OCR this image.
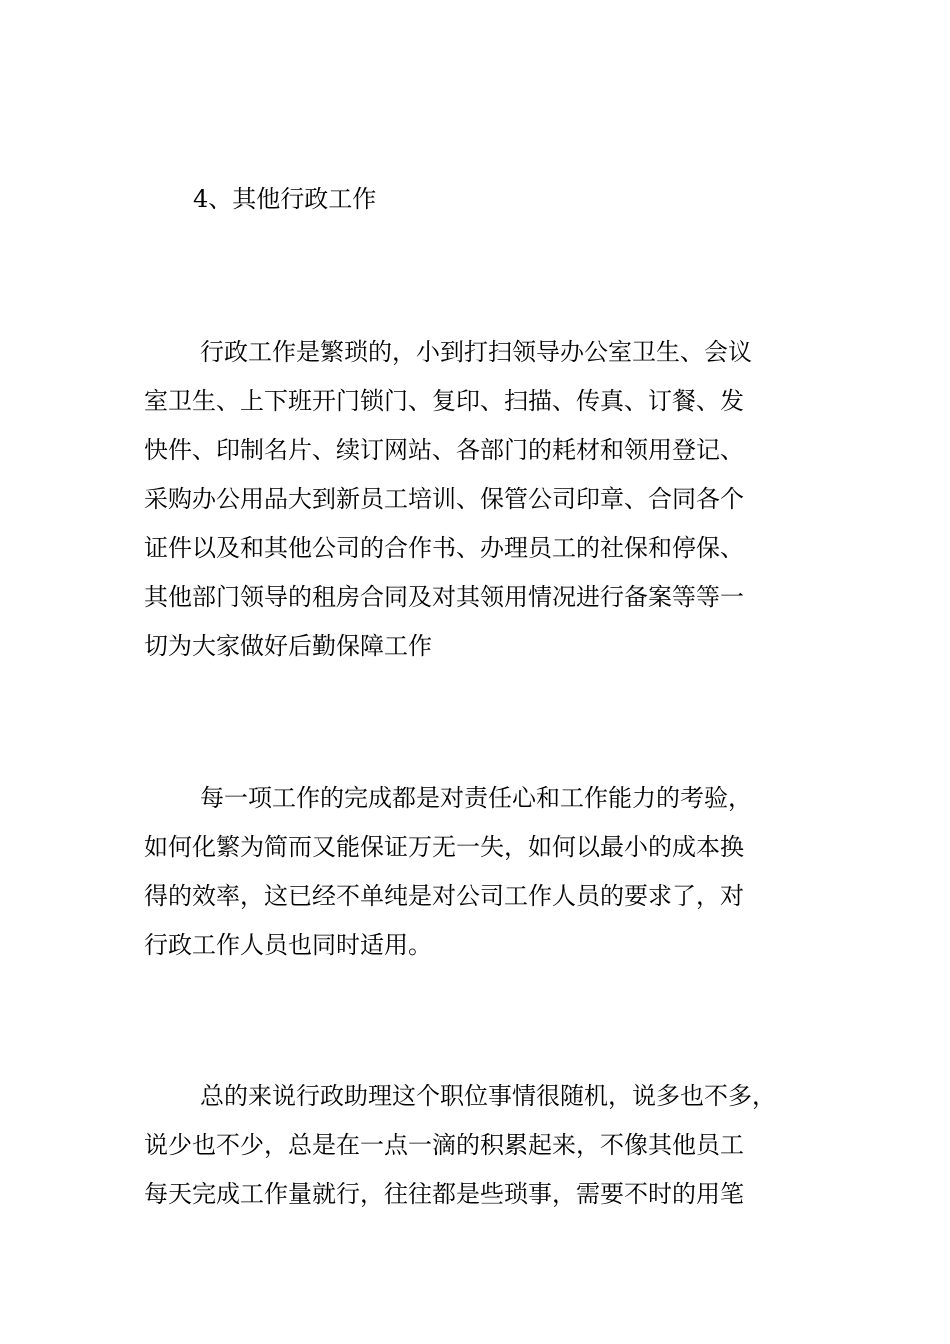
4、其他行政工作
行政工作是繁琐的，小到打扫领导办公室卫生、会议
室卫生、上下班开门锁门、复印、扫描、传真、订餐、发
快件、印制名片、续订网站、各部门的耗材和领用登记、
采购办公用品大到新员工培训、保管公司印章、合同各个
证件以及和其他公司的合作书、办理员工的社保和停保、
其他部门领导的租房合同及对其领用情况进行备案等等一
切为大家做好后勤保障工作
每一项工作的完成都是对责任心和工作能力的考验，
如何化繁为简而又能保证万无一失，如何以最小的成本换
得的效率，这已经不单纯是对公司工作人员的要求了，对
行政工作人员也同时适用。
总的来说行政助理这个职位事情很随机，说多也不多，
说少也不少，总是在一点一滴的积累起来，不像其他员工
每天完成工作量就行，往往都是些琐事，需要不时的用笔
